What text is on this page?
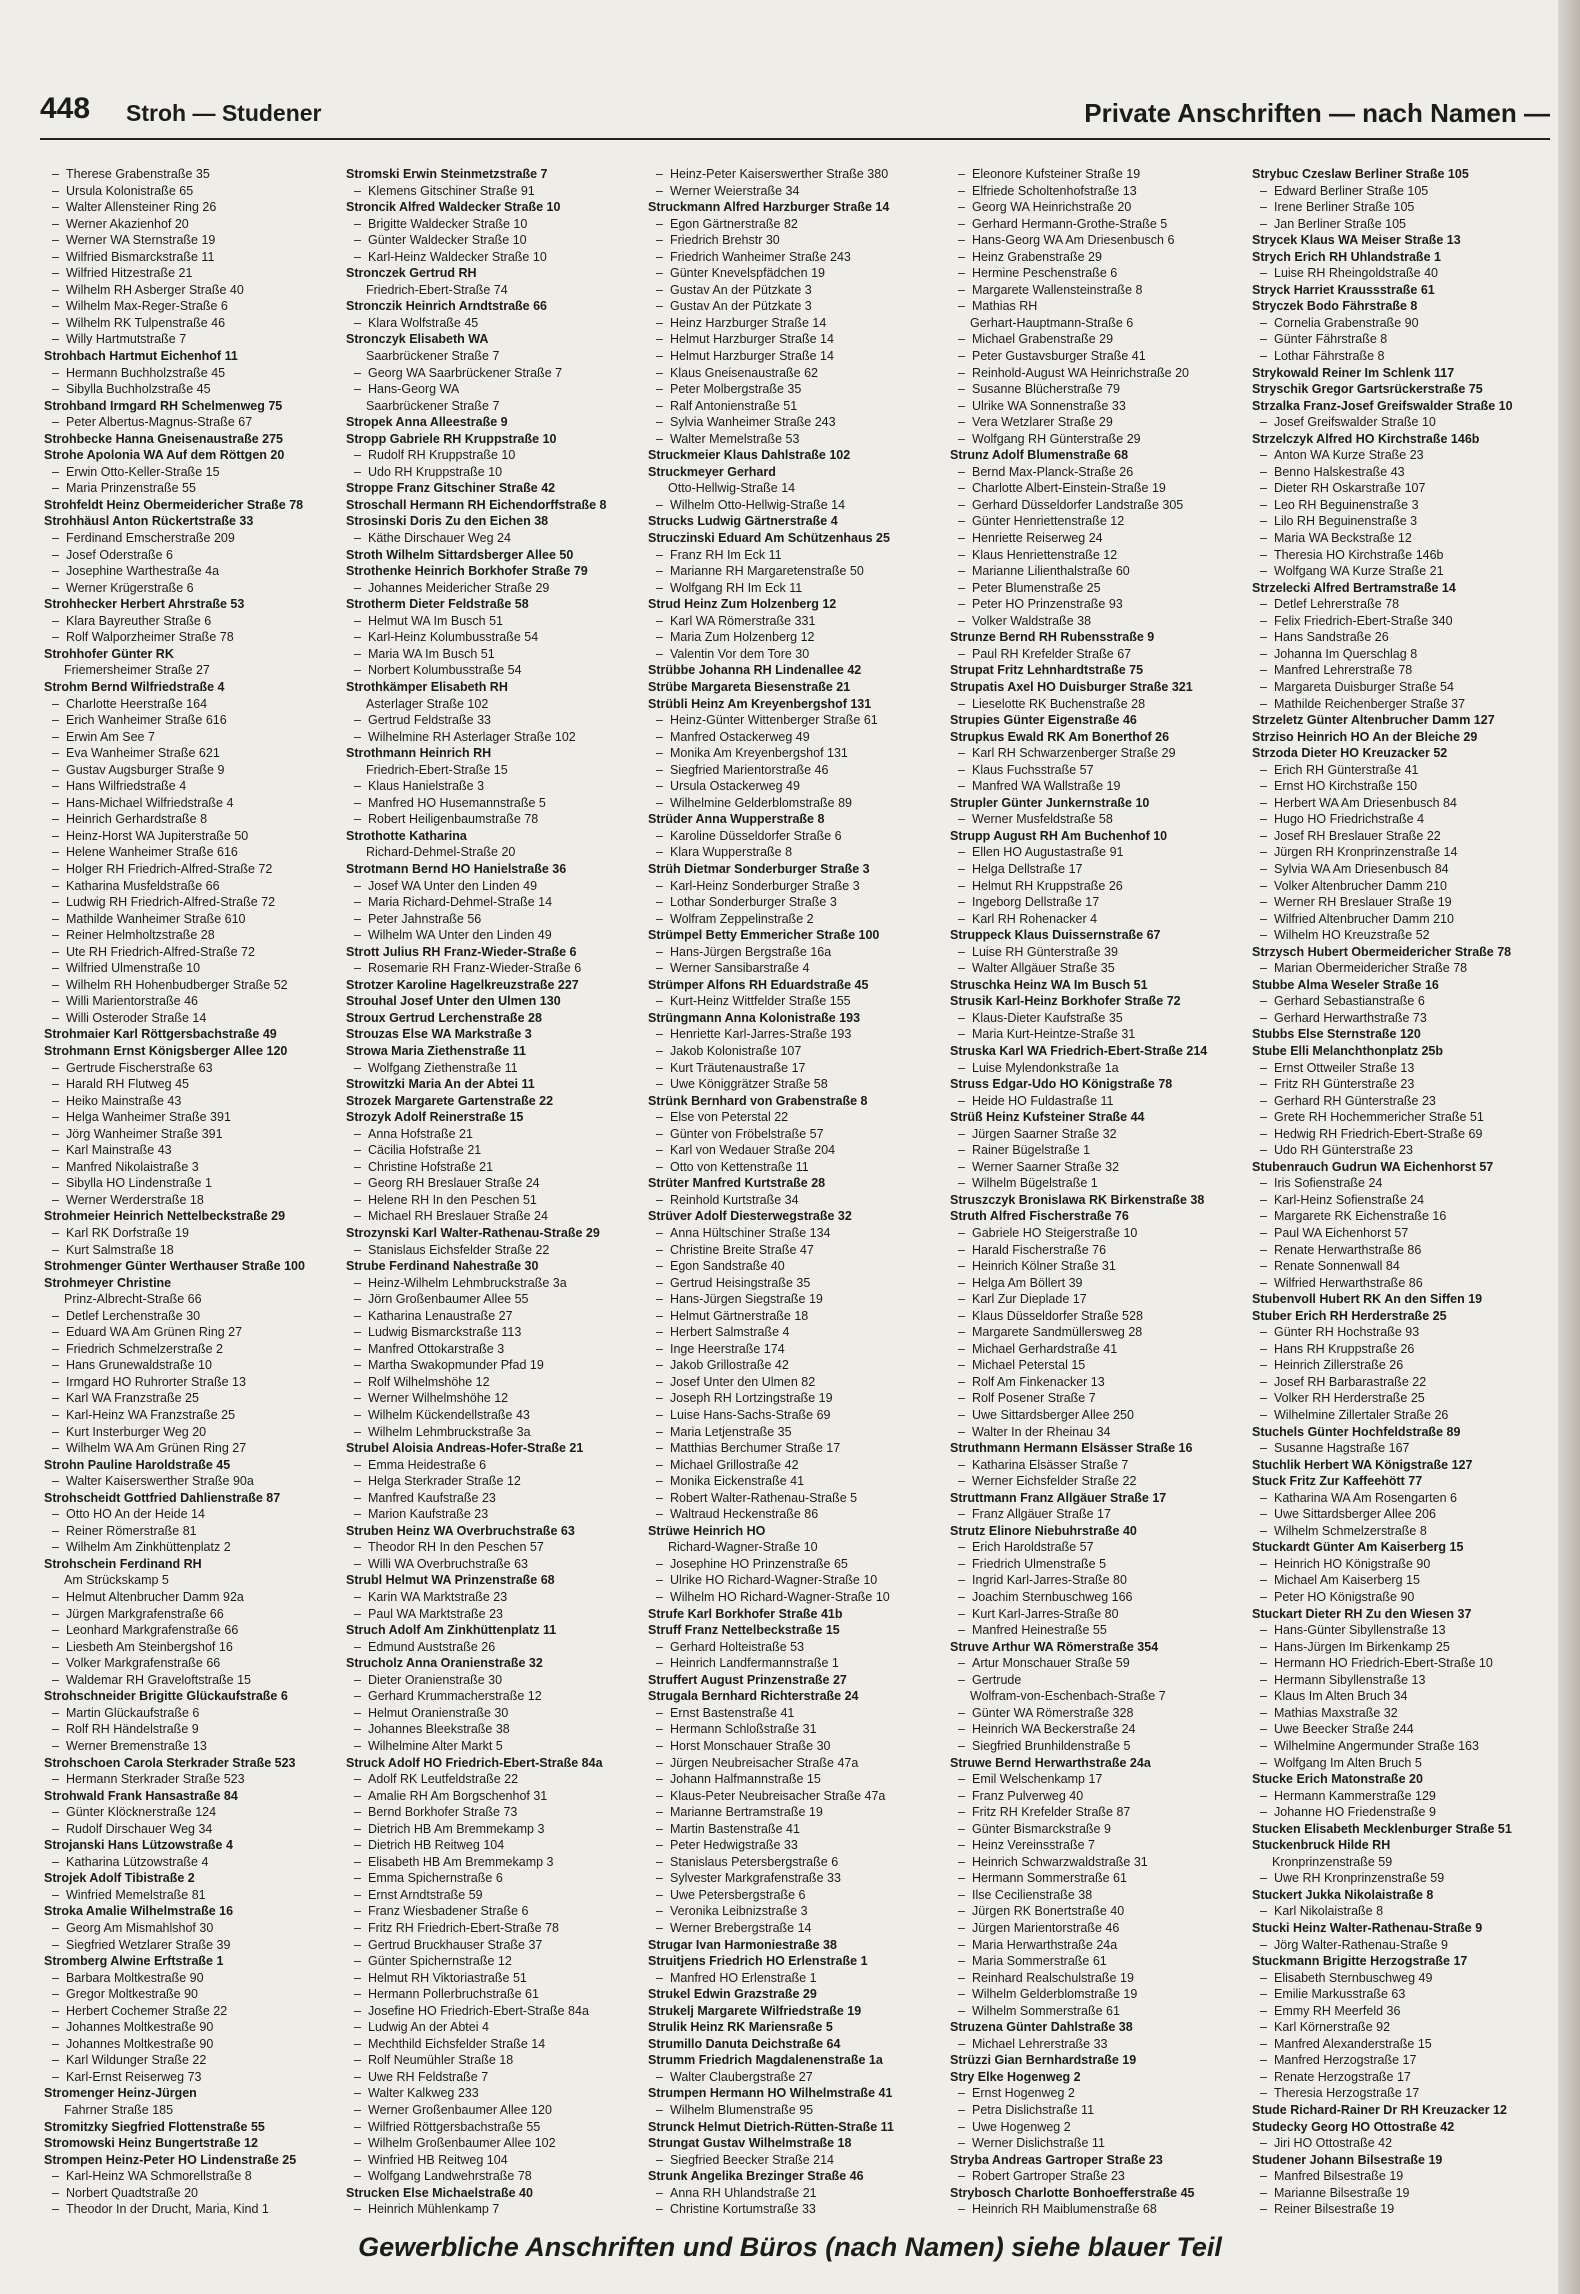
448 Stroh — Studener	Private Anschriften — nach Namen —
– Therese Grabenstraße 35
– Ursula Kolonistraße 65
– Walter Allensteiner Ring 26
– Werner Akazienhof 20
– Werner WA Sternstraße 19
– Wilfried Bismarckstraße 11
– Wilfried Hitzestraße 21
– Wilhelm RH Asberger Straße 40
– Wilhelm Max-Reger-Straße 6
– Wilhelm RK Tulpenstraße 46
– Willy Hartmutstraße 7
Strohbach Hartmut Eichenhof 11
– Hermann Buchholzstraße 45
– Sibylla Buchholzstraße 45
Strohband Irmgard RH Schelmenweg 75
– Peter Albertus-Magnus-Straße 67
Strohbecke Hanna Gneisenaustraße 275
Strohe Apolonia WA Auf dem Röttgen 20
– Erwin Otto-Keller-Straße 15
– Maria Prinzenstraße 55
Strohfeldt Heinz Obermeidericher Straße 78
Strohhäusl Anton Rückertstraße 33
– Ferdinand Emscherstraße 209
– Josef Oderstraße 6
– Josephine Warthestraße 4a
– Werner Krügerstraße 6
Strohhecker Herbert Ahrstraße 53
– Klara Bayreuther Straße 6
– Rolf Walporzheimer Straße 78
Strohhofer Günter RK
Friemersheimer Straße 27
Strohm Bernd Wilfriedstraße 4
– Charlotte Heerstraße 164
– Erich Wanheimer Straße 616
– Erwin Am See 7
– Eva Wanheimer Straße 621
– Gustav Augsburger Straße 9
– Hans Wilfriedstraße 4
– Hans-Michael Wilfriedstraße 4
– Heinrich Gerhardstraße 8
– Heinz-Horst WA Jupiterstraße 50
– Helene Wanheimer Straße 616
– Holger RH Friedrich-Alfred-Straße 72
– Katharina Musfeldstraße 66
– Ludwig RH Friedrich-Alfred-Straße 72
– Mathilde Wanheimer Straße 610
– Reiner Helmholtzstraße 28
– Ute RH Friedrich-Alfred-Straße 72
– Wilfried Ulmenstraße 10
– Wilhelm RH Hohenbudberger Straße 52
– Willi Marientorstraße 46
– Willi Osteroder Straße 14
Strohmaier Karl Röttgersbachstraße 49
Strohmann Ernst Königsberger Allee 120
– Gertrude Fischerstraße 63
– Harald RH Flutweg 45
– Heiko Mainstraße 43
– Helga Wanheimer Straße 391
– Jörg Wanheimer Straße 391
– Karl Mainstraße 43
– Manfred Nikolaistraße 3
– Sibylla HO Lindenstraße 1
– Werner Werderstraße 18
Strohmeier Heinrich Nettelbeckstraße 29
– Karl RK Dorfstraße 19
– Kurt Salmstraße 18
Strohmenger Günter Werthauser Straße 100
Strohmeyer Christine
Prinz-Albrecht-Straße 66
– Detlef Lerchenstraße 30
– Eduard WA Am Grünen Ring 27
– Friedrich Schmelzerstraße 2
– Hans Grunewaldstraße 10
– Irmgard HO Ruhrorter Straße 13
– Karl WA Franzstraße 25
– Karl-Heinz WA Franzstraße 25
– Kurt Insterburger Weg 20
– Wilhelm WA Am Grünen Ring 27
Strohn Pauline Haroldstraße 45
– Walter Kaiserswerther Straße 90a
Strohscheidt Gottfried Dahlienstraße 87
– Otto HO An der Heide 14
– Reiner Römerstraße 81
– Wilhelm Am Zinkhüttenplatz 2
Strohschein Ferdinand RH
Am Strückskamp 5
– Helmut Altenbrucher Damm 92a
– Jürgen Markgrafenstraße 66
– Leonhard Markgrafenstraße 66
– Liesbeth Am Steinbergshof 16
– Volker Markgrafenstraße 66
– Waldemar RH Graveloftstraße 15
Strohschneider Brigitte Glückaufstraße 6
– Martin Glückaufstraße 6
– Rolf RH Händelstraße 9
– Werner Bremenstraße 13
Strohschoen Carola Sterkrader Straße 523
– Hermann Sterkrader Straße 523
Strohwald Frank Hansastraße 84
– Günter Klöcknerstraße 124
– Rudolf Dirschauer Weg 34
Strojanski Hans Lützowstraße 4
– Katharina Lützowstraße 4
Strojek Adolf Tibistraße 2
– Winfried Memelstraße 81
Stroka Amalie Wilhelmstraße 16
– Georg Am Mismahlshof 30
– Siegfried Wetzlarer Straße 39
Stromberg Alwine Erftstraße 1
– Barbara Moltkestraße 90
– Gregor Moltkestraße 90
– Herbert Cochemer Straße 22
– Johannes Moltkestraße 90
– Johannes Moltkestraße 90
– Karl Wildunger Straße 22
– Karl-Ernst Reiserweg 73
Stromenger Heinz-Jürgen
Fahrner Straße 185
Stromitzky Siegfried Flottenstraße 55
Stromowski Heinz Bungertstraße 12
Strompen Heinz-Peter HO Lindenstraße 25
– Karl-Heinz WA Schmorellstraße 8
– Norbert Quadtstraße 20
– Theodor In der Drucht, Maria, Kind 1
Stromski Erwin Steinmetzstraße 7
– Klemens Gitschiner Straße 91
Stroncik Alfred Waldecker Straße 10
– Brigitte Waldecker Straße 10
– Günter Waldecker Straße 10
– Karl-Heinz Waldecker Straße 10
Stronczek Gertrud RH
Friedrich-Ebert-Straße 74
Stronczik Heinrich Arndtstraße 66
– Klara Wolfstraße 45
Stronczyk Elisabeth WA
Saarbrückener Straße 7
– Georg WA Saarbrückener Straße 7
– Hans-Georg WA
Saarbrückener Straße 7
Stropek Anna Alleestraße 9
Stropp Gabriele RH Kruppstraße 10
– Rudolf RH Kruppstraße 10
– Udo RH Kruppstraße 10
Stroppe Franz Gitschiner Straße 42
Stroschall Hermann RH Eichendorffstraße 8
Strosinski Doris Zu den Eichen 38
– Käthe Dirschauer Weg 24
Stroth Wilhelm Sittardsberger Allee 50
Strothenke Heinrich Borkhofer Straße 79
– Johannes Meidericher Straße 29
Strotherm Dieter Feldstraße 58
– Helmut WA Im Busch 51
– Karl-Heinz Kolumbusstraße 54
– Maria WA Im Busch 51
– Norbert Kolumbusstraße 54
Strothkämper Elisabeth RH
Asterlager Straße 102
– Gertrud Feldstraße 33
– Wilhelmine RH Asterlager Straße 102
Strothmann Heinrich RH
Friedrich-Ebert-Straße 15
– Klaus Hanielstraße 3
– Manfred HO Husemannstraße 5
– Robert Heiligenbaumstraße 78
Strothotte Katharina
Richard-Dehmel-Straße 20
Strotmann Bernd HO Hanielstraße 36
– Josef WA Unter den Linden 49
– Maria Richard-Dehmel-Straße 14
– Peter Jahnstraße 56
– Wilhelm WA Unter den Linden 49
Strott Julius RH Franz-Wieder-Straße 6
– Rosemarie RH Franz-Wieder-Straße 6
Strotzer Karoline Hagelkreuzstraße 227
Strouhal Josef Unter den Ulmen 130
Stroux Gertrud Lerchenstraße 28
Strouzas Else WA Markstraße 3
Strowa Maria Ziethenstraße 11
– Wolfgang Ziethenstraße 11
Strowitzki Maria An der Abtei 11
Strozek Margarete Gartenstraße 22
Strozyk Adolf Reinerstraße 15
– Anna Hofstraße 21
– Cäcilia Hofstraße 21
– Christine Hofstraße 21
– Georg RH Breslauer Straße 24
– Helene RH In den Peschen 51
– Michael RH Breslauer Straße 24
Strozynski Karl Walter-Rathenau-Straße 29
– Stanislaus Eichsfelder Straße 22
Strube Ferdinand Nahestraße 30
– Heinz-Wilhelm Lehmbruckstraße 3a
– Jörn Großenbaumer Allee 55
– Katharina Lenaustraße 27
– Ludwig Bismarckstraße 113
– Manfred Ottokarstraße 3
– Martha Swakopmunder Pfad 19
– Rolf Wilhelmshöhe 12
– Werner Wilhelmshöhe 12
– Wilhelm Kückendellstraße 43
– Wilhelm Lehmbruckstraße 3a
Strubel Aloisia Andreas-Hofer-Straße 21
– Emma Heidestraße 6
– Helga Sterkrader Straße 12
– Manfred Kaufstraße 23
– Marion Kaufstraße 23
Struben Heinz WA Overbruchstraße 63
– Theodor RH In den Peschen 57
– Willi WA Overbruchstraße 63
Strubl Helmut WA Prinzenstraße 68
– Karin WA Marktstraße 23
– Paul WA Marktstraße 23
Struch Adolf Am Zinkhüttenplatz 11
– Edmund Auststraße 26
Strucholz Anna Oranienstraße 32
– Dieter Oranienstraße 30
– Gerhard Krummacherstraße 12
– Helmut Oranienstraße 30
– Johannes Bleekstraße 38
– Wilhelmine Alter Markt 5
Struck Adolf HO Friedrich-Ebert-Straße 84a
– Adolf RK Leutfeldstraße 22
– Amalie RH Am Borgschenhof 31
– Bernd Borkhofer Straße 73
– Dietrich HB Am Bremmekamp 3
– Dietrich HB Reitweg 104
– Elisabeth HB Am Bremmekamp 3
– Emma Spichernstraße 6
– Ernst Arndtstraße 59
– Franz Wiesbadener Straße 6
– Fritz RH Friedrich-Ebert-Straße 78
– Gertrud Bruckhauser Straße 37
– Günter Spichernstraße 12
– Helmut RH Viktoriastraße 51
– Hermann Pollerbruchstraße 61
– Josefine HO Friedrich-Ebert-Straße 84a
– Ludwig An der Abtei 4
– Mechthild Eichsfelder Straße 14
– Rolf Neumühler Straße 18
– Uwe RH Feldstraße 7
– Walter Kalkweg 233
– Werner Großenbaumer Allee 120
– Wilfried Röttgersbachstraße 55
– Wilhelm Großenbaumer Allee 102
– Winfried HB Reitweg 104
– Wolfgang Landwehrstraße 78
Strucken Else Michaelstraße 40
– Heinrich Mühlenkamp 7
– Heinz-Peter Kaiserswerther Straße 380
– Werner Weierstraße 34
Struckmann Alfred Harzburger Straße 14
– Egon Gärtnerstraße 82
– Friedrich Brehstr 30
– Friedrich Wanheimer Straße 243
– Günter Knevelspfädchen 19
– Gustav An der Pützkate 3
– Gustav An der Pützkate 3
– Heinz Harzburger Straße 14
– Helmut Harzburger Straße 14
– Helmut Harzburger Straße 14
– Klaus Gneisenaustraße 62
– Peter Molbergstraße 35
– Ralf Antonienstraße 51
– Sylvia Wanheimer Straße 243
– Walter Memelstraße 53
Struckmeier Klaus Dahlstraße 102
Struckmeyer Gerhard
Otto-Hellwig-Straße 14
– Wilhelm Otto-Hellwig-Straße 14
Strucks Ludwig Gärtnerstraße 4
Struczinski Eduard Am Schützenhaus 25
– Franz RH Im Eck 11
– Marianne RH Margaretenstraße 50
– Wolfgang RH Im Eck 11
Strud Heinz Zum Holzenberg 12
– Karl WA Römerstraße 331
– Maria Zum Holzenberg 12
– Valentin Vor dem Tore 30
Strübbe Johanna RH Lindenallee 42
Strübe Margareta Biesenstraße 21
Strübli Heinz Am Kreyenbergshof 131
– Heinz-Günter Wittenberger Straße 61
– Manfred Ostackerweg 49
– Monika Am Kreyenbergshof 131
– Siegfried Marientorstraße 46
– Ursula Ostackerweg 49
– Wilhelmine Gelderblomstraße 89
Strüder Anna Wupperstraße 8
– Karoline Düsseldorfer Straße 6
– Klara Wupperstraße 8
Strüh Dietmar Sonderburger Straße 3
– Karl-Heinz Sonderburger Straße 3
– Lothar Sonderburger Straße 3
– Wolfram Zeppelinstraße 2
Strümpel Betty Emmericher Straße 100
– Hans-Jürgen Bergstraße 16a
– Werner Sansibarstraße 4
Strümper Alfons RH Eduardstraße 45
– Kurt-Heinz Wittfelder Straße 155
Strüngmann Anna Kolonistraße 193
– Henriette Karl-Jarres-Straße 193
– Jakob Kolonistraße 107
– Kurt Träutenaustraße 17
– Uwe Königgrätzer Straße 58
Strünk Bernhard von Grabenstraße 8
– Else von Peterstal 22
– Günter von Fröbelstraße 57
– Karl von Wedauer Straße 204
– Otto von Kettenstraße 11
Strüter Manfred Kurtstraße 28
– Reinhold Kurtstraße 34
Strüver Adolf Diesterwegstraße 32
– Anna Hültschiner Straße 134
– Christine Breite Straße 47
– Egon Sandstraße 40
– Gertrud Heisingstraße 35
– Hans-Jürgen Siegstraße 19
– Helmut Gärtnerstraße 18
– Herbert Salmstraße 4
– Inge Heerstraße 174
– Jakob Grillostraße 42
– Josef Unter den Ulmen 82
– Joseph RH Lortzingstraße 19
– Luise Hans-Sachs-Straße 69
– Maria Letjenstraße 35
– Matthias Berchumer Straße 17
– Michael Grillostraße 42
– Monika Eickenstraße 41
– Robert Walter-Rathenau-Straße 5
– Waltraud Heckenstraße 86
Strüwe Heinrich HO
Richard-Wagner-Straße 10
– Josephine HO Prinzenstraße 65
– Ulrike HO Richard-Wagner-Straße 10
– Wilhelm HO Richard-Wagner-Straße 10
Strufe Karl Borkhofer Straße 41b
Struff Franz Nettelbeckstraße 15
– Gerhard Holteistraße 53
– Heinrich Landfermannstraße 1
Struffert August Prinzenstraße 27
Strugala Bernhard Richterstraße 24
– Ernst Bastenstraße 41
– Hermann Schloßstraße 31
– Horst Monschauer Straße 30
– Jürgen Neubreisacher Straße 47a
– Johann Halfmannstraße 15
– Klaus-Peter Neubreisacher Straße 47a
– Marianne Bertramstraße 19
– Martin Bastenstraße 41
– Peter Hedwigstraße 33
– Stanislaus Petersbergstraße 6
– Sylvester Markgrafenstraße 33
– Uwe Petersbergstraße 6
– Veronika Leibnizstraße 3
– Werner Brebergstraße 14
Strugar Ivan Harmoniestraße 38
Struitjens Friedrich HO Erlenstraße 1
– Manfred HO Erlenstraße 1
Strukel Edwin Grazstraße 29
Strukelj Margarete Wilfriedstraße 19
Strulik Heinz RK Mariensraße 5
Strumillo Danuta Deichstraße 64
Strumm Friedrich Magdalenenstraße 1a
– Walter Claubergstraße 27
Strumpen Hermann HO Wilhelmstraße 41
– Wilhelm Blumenstraße 95
Strunck Helmut Dietrich-Rütten-Straße 11
Strungat Gustav Wilhelmstraße 18
– Siegfried Beecker Straße 214
Strunk Angelika Brezinger Straße 46
– Anna RH Uhlandstraße 21
– Christine Kortumstraße 33
– Eleonore Kufsteiner Straße 19
– Elfriede Scholtenhofstraße 13
– Georg WA Heinrichstraße 20
– Gerhard Hermann-Grothe-Straße 5
– Hans-Georg WA Am Driesenbusch 6
– Heinz Grabenstraße 29
– Hermine Peschenstraße 6
– Margarete Wallensteinstraße 8
– Mathias RH
Gerhart-Hauptmann-Straße 6
– Michael Grabenstraße 29
– Peter Gustavsburger Straße 41
– Reinhold-August WA Heinrichstraße 20
– Susanne Blücherstraße 79
– Ulrike WA Sonnenstraße 33
– Vera Wetzlarer Straße 29
– Wolfgang RH Günterstraße 29
Strunz Adolf Blumenstraße 68
– Bernd Max-Planck-Straße 26
– Charlotte Albert-Einstein-Straße 19
– Gerhard Düsseldorfer Landstraße 305
– Günter Henriettenstraße 12
– Henriette Reiserweg 24
– Klaus Henriettenstraße 12
– Marianne Lilienthalstraße 60
– Peter Blumenstraße 25
– Peter HO Prinzenstraße 93
– Volker Waldstraße 38
Strunze Bernd RH Rubensstraße 9
– Paul RH Krefelder Straße 67
Strupat Fritz Lehnhardtstraße 75
Strupatis Axel HO Duisburger Straße 321
– Lieselotte RK Buchenstraße 28
Strupies Günter Eigenstraße 46
Strupkus Ewald RK Am Bonerthof 26
– Karl RH Schwarzenberger Straße 29
– Klaus Fuchsstraße 57
– Manfred WA Wallstraße 19
Strupler Günter Junkernstraße 10
– Werner Musfeldstraße 58
Strupp August RH Am Buchenhof 10
– Ellen HO Augustastraße 91
– Helga Dellstraße 17
– Helmut RH Kruppstraße 26
– Ingeborg Dellstraße 17
– Karl RH Rohenacker 4
Struppeck Klaus Duissernstraße 67
– Luise RH Günterstraße 39
– Walter Allgäuer Straße 35
Struschka Heinz WA Im Busch 51
Strusik Karl-Heinz Borkhofer Straße 72
– Klaus-Dieter Kaufstraße 35
– Maria Kurt-Heintze-Straße 31
Struska Karl WA Friedrich-Ebert-Straße 214
– Luise Mylendonkstraße 1a
Struss Edgar-Udo HO Königstraße 78
– Heide HO Fuldastraße 11
Strüß Heinz Kufsteiner Straße 44
– Jürgen Saarner Straße 32
– Rainer Bügelstraße 1
– Werner Saarner Straße 32
– Wilhelm Bügelstraße 1
Struszczyk Bronislawa RK Birkenstraße 38
Struth Alfred Fischerstraße 76
– Gabriele HO Steigerstraße 10
– Harald Fischerstraße 76
– Heinrich Kölner Straße 31
– Helga Am Böllert 39
– Karl Zur Dieplade 17
– Klaus Düsseldorfer Straße 528
– Margarete Sandmüllersweg 28
– Michael Gerhardstraße 41
– Michael Peterstal 15
– Rolf Am Finkenacker 13
– Rolf Posener Straße 7
– Uwe Sittardsberger Allee 250
– Walter In der Rheinau 34
Struthmann Hermann Elsässer Straße 16
– Katharina Elsässer Straße 7
– Werner Eichsfelder Straße 22
Struttmann Franz Allgäuer Straße 17
– Franz Allgäuer Straße 17
Strutz Elinore Niebuhrstraße 40
– Erich Haroldstraße 57
– Friedrich Ulmenstraße 5
– Ingrid Karl-Jarres-Straße 80
– Joachim Sternbuschweg 166
– Kurt Karl-Jarres-Straße 80
– Manfred Heinestraße 55
Struve Arthur WA Römerstraße 354
– Artur Monschauer Straße 59
– Gertrude
Wolfram-von-Eschenbach-Straße 7
– Günter WA Römerstraße 328
– Heinrich WA Beckerstraße 24
– Siegfried Brunhildenstraße 5
Struwe Bernd Herwarthstraße 24a
– Emil Welschenkamp 17
– Franz Pulverweg 40
– Fritz RH Krefelder Straße 87
– Günter Bismarckstraße 9
– Heinz Vereinsstraße 7
– Heinrich Schwarzwaldstraße 31
– Hermann Sommerstraße 61
– Ilse Cecilienstraße 38
– Jürgen RK Bonertstraße 40
– Jürgen Marientorstraße 46
– Maria Herwarthstraße 24a
– Maria Sommerstraße 61
– Reinhard Realschulstraße 19
– Wilhelm Gelderblomstraße 19
– Wilhelm Sommerstraße 61
Struzena Günter Dahlstraße 38
– Michael Lehrerstraße 33
Strüzzi Gian Bernhardstraße 19
Stry Elke Hogenweg 2
– Ernst Hogenweg 2
– Petra Dislichstraße 11
– Uwe Hogenweg 2
– Werner Dislichstraße 11
Stryba Andreas Gartroper Straße 23
– Robert Gartroper Straße 23
Strybosch Charlotte Bonhoefferstraße 45
– Heinrich RH Maiblumenstraße 68
Strybuc Czeslaw Berliner Straße 105
– Edward Berliner Straße 105
– Irene Berliner Straße 105
– Jan Berliner Straße 105
Strycek Klaus WA Meiser Straße 13
Strych Erich RH Uhlandstraße 1
– Luise RH Rheingoldstraße 40
Stryck Harriet Kraussstraße 61
Stryczek Bodo Fährstraße 8
– Cornelia Grabenstraße 90
– Günter Fährstraße 8
– Lothar Fährstraße 8
Strykowald Reiner Im Schlenk 117
Stryschik Gregor Gartsrückerstraße 75
Strzalka Franz-Josef Greifswalder Straße 10
– Josef Greifswalder Straße 10
Strzelczyk Alfred HO Kirchstraße 146b
– Anton WA Kurze Straße 23
– Benno Halskestraße 43
– Dieter RH Oskarstraße 107
– Leo RH Beguinenstraße 3
– Lilo RH Beguinenstraße 3
– Maria WA Beckstraße 12
– Theresia HO Kirchstraße 146b
– Wolfgang WA Kurze Straße 21
Strzelecki Alfred Bertramstraße 14
– Detlef Lehrerstraße 78
– Felix Friedrich-Ebert-Straße 340
– Hans Sandstraße 26
– Johanna Im Querschlag 8
– Manfred Lehrerstraße 78
– Margareta Duisburger Straße 54
– Mathilde Reichenberger Straße 37
Strzeletz Günter Altenbrucher Damm 127
Strziso Heinrich HO An der Bleiche 29
Strzoda Dieter HO Kreuzacker 52
– Erich RH Günterstraße 41
– Ernst HO Kirchstraße 150
– Herbert WA Am Driesenbusch 84
– Hugo HO Friedrichstraße 4
– Josef RH Breslauer Straße 22
– Jürgen RH Kronprinzenstraße 14
– Sylvia WA Am Driesenbusch 84
– Volker Altenbrucher Damm 210
– Werner RH Breslauer Straße 19
– Wilfried Altenbrucher Damm 210
– Wilhelm HO Kreuzstraße 52
Strzysch Hubert Obermeidericher Straße 78
– Marian Obermeidericher Straße 78
Stubbe Alma Weseler Straße 16
– Gerhard Sebastianstraße 6
– Gerhard Herwarthstraße 73
Stubbs Else Sternstraße 120
Stube Elli Melanchthonplatz 25b
– Ernst Ottweiler Straße 13
– Fritz RH Günterstraße 23
– Gerhard RH Günterstraße 23
– Grete RH Hochemmericher Straße 51
– Hedwig RH Friedrich-Ebert-Straße 69
– Udo RH Günterstraße 23
Stubenrauch Gudrun WA Eichenhorst 57
– Iris Sofienstraße 24
– Karl-Heinz Sofienstraße 24
– Margarete RK Eichenstraße 16
– Paul WA Eichenhorst 57
– Renate Herwarthstraße 86
– Renate Sonnenwall 84
– Wilfried Herwarthstraße 86
Stubenvoll Hubert RK An den Siffen 19
Stuber Erich RH Herderstraße 25
– Günter RH Hochstraße 93
– Hans RH Kruppstraße 26
– Heinrich Zillerstraße 26
– Josef RH Barbarastraße 22
– Volker RH Herderstraße 25
– Wilhelmine Zillertaler Straße 26
Stuchels Günter Hochfeldstraße 89
– Susanne Hagstraße 167
Stuchlik Herbert WA Königstraße 127
Stuck Fritz Zur Kaffeehött 77
– Katharina WA Am Rosengarten 6
– Uwe Sittardsberger Allee 206
– Wilhelm Schmelzerstraße 8
Stuckardt Günter Am Kaiserberg 15
– Heinrich HO Königstraße 90
– Michael Am Kaiserberg 15
– Peter HO Königstraße 90
Stuckart Dieter RH Zu den Wiesen 37
– Hans-Günter Sibyllenstraße 13
– Hans-Jürgen Im Birkenkamp 25
– Hermann HO Friedrich-Ebert-Straße 10
– Hermann Sibyllenstraße 13
– Klaus Im Alten Bruch 34
– Mathias Maxstraße 32
– Uwe Beecker Straße 244
– Wilhelmine Angermunder Straße 163
– Wolfgang Im Alten Bruch 5
Stucke Erich Matonstraße 20
– Hermann Kammerstraße 129
– Johanne HO Friedenstraße 9
Stucken Elisabeth Mecklenburger Straße 51
Stuckenbruck Hilde RH
Kronprinzenstraße 59
– Uwe RH Kronprinzenstraße 59
Stuckert Jukka Nikolaistraße 8
– Karl Nikolaistraße 8
Stucki Heinz Walter-Rathenau-Straße 9
– Jörg Walter-Rathenau-Straße 9
Stuckmann Brigitte Herzogstraße 17
– Elisabeth Sternbuschweg 49
– Emilie Markusstraße 63
– Emmy RH Meerfeld 36
– Karl Körnerstraße 92
– Manfred Alexanderstraße 15
– Manfred Herzogstraße 17
– Renate Herzogstraße 17
– Theresia Herzogstraße 17
Stude Richard-Rainer Dr RH Kreuzacker 12
Studecky Georg HO Ottostraße 42
– Jiri HO Ottostraße 42
Studener Johann Bilsestraße 19
– Manfred Bilsestraße 19
– Marianne Bilsestraße 19
– Reiner Bilsestraße 19
Gewerbliche Anschriften und Büros (nach Namen) siehe blauer Teil
